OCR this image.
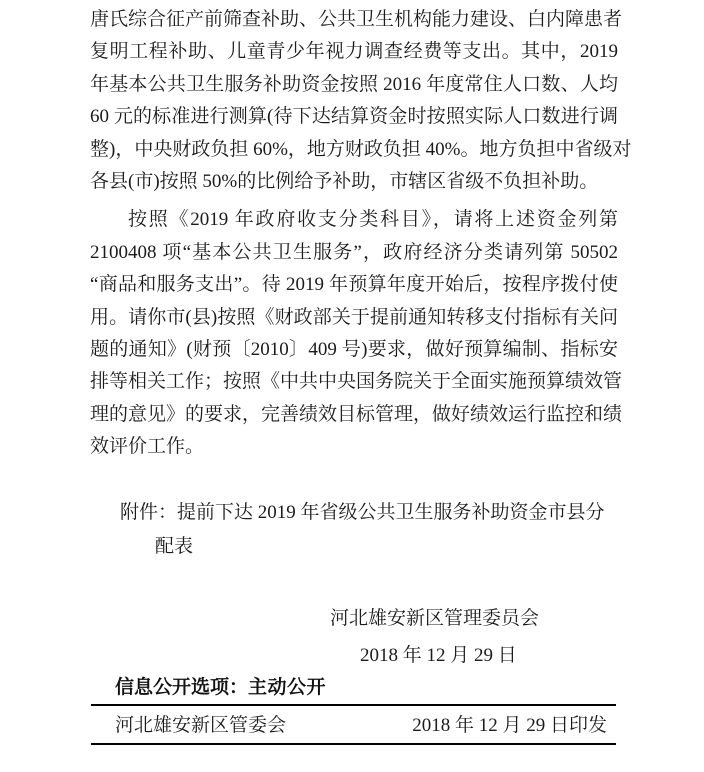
唐氏综合征产前筛查补助、公共卫生机构能力建设、白内障患者
复明工程补助、儿童青少年视力调查经费等支出。其中，2019
年基本公共卫生服务补助资金按照 2016 年度常住人口数、人均
60 元的标准进行测算(待下达结算资金时按照实际人口数进行调
整)，中央财政负担 60%，地方财政负担 40%。地方负担中省级对
各县(市)按照 50%的比例给予补助，市辖区省级不负担补助。
按照《2019 年政府收支分类科目》，请将上述资金列第
2100408 项“基本公共卫生服务”，政府经济分类请列第 50502
“商品和服务支出”。待 2019 年预算年度开始后，按程序拨付使
用。请你市(县)按照《财政部关于提前通知转移支付指标有关问
题的通知》(财预〔2010〕409 号)要求，做好预算编制、指标安
排等相关工作；按照《中共中央国务院关于全面实施预算绩效管
理的意见》的要求，完善绩效目标管理，做好绩效运行监控和绩
效评价工作。
附件：提前下达 2019 年省级公共卫生服务补助资金市县分
配表
河北雄安新区管理委员会
2018 年 12 月 29 日
信息公开选项：主动公开
河北雄安新区管委会	2018 年 12 月 29 日印发
